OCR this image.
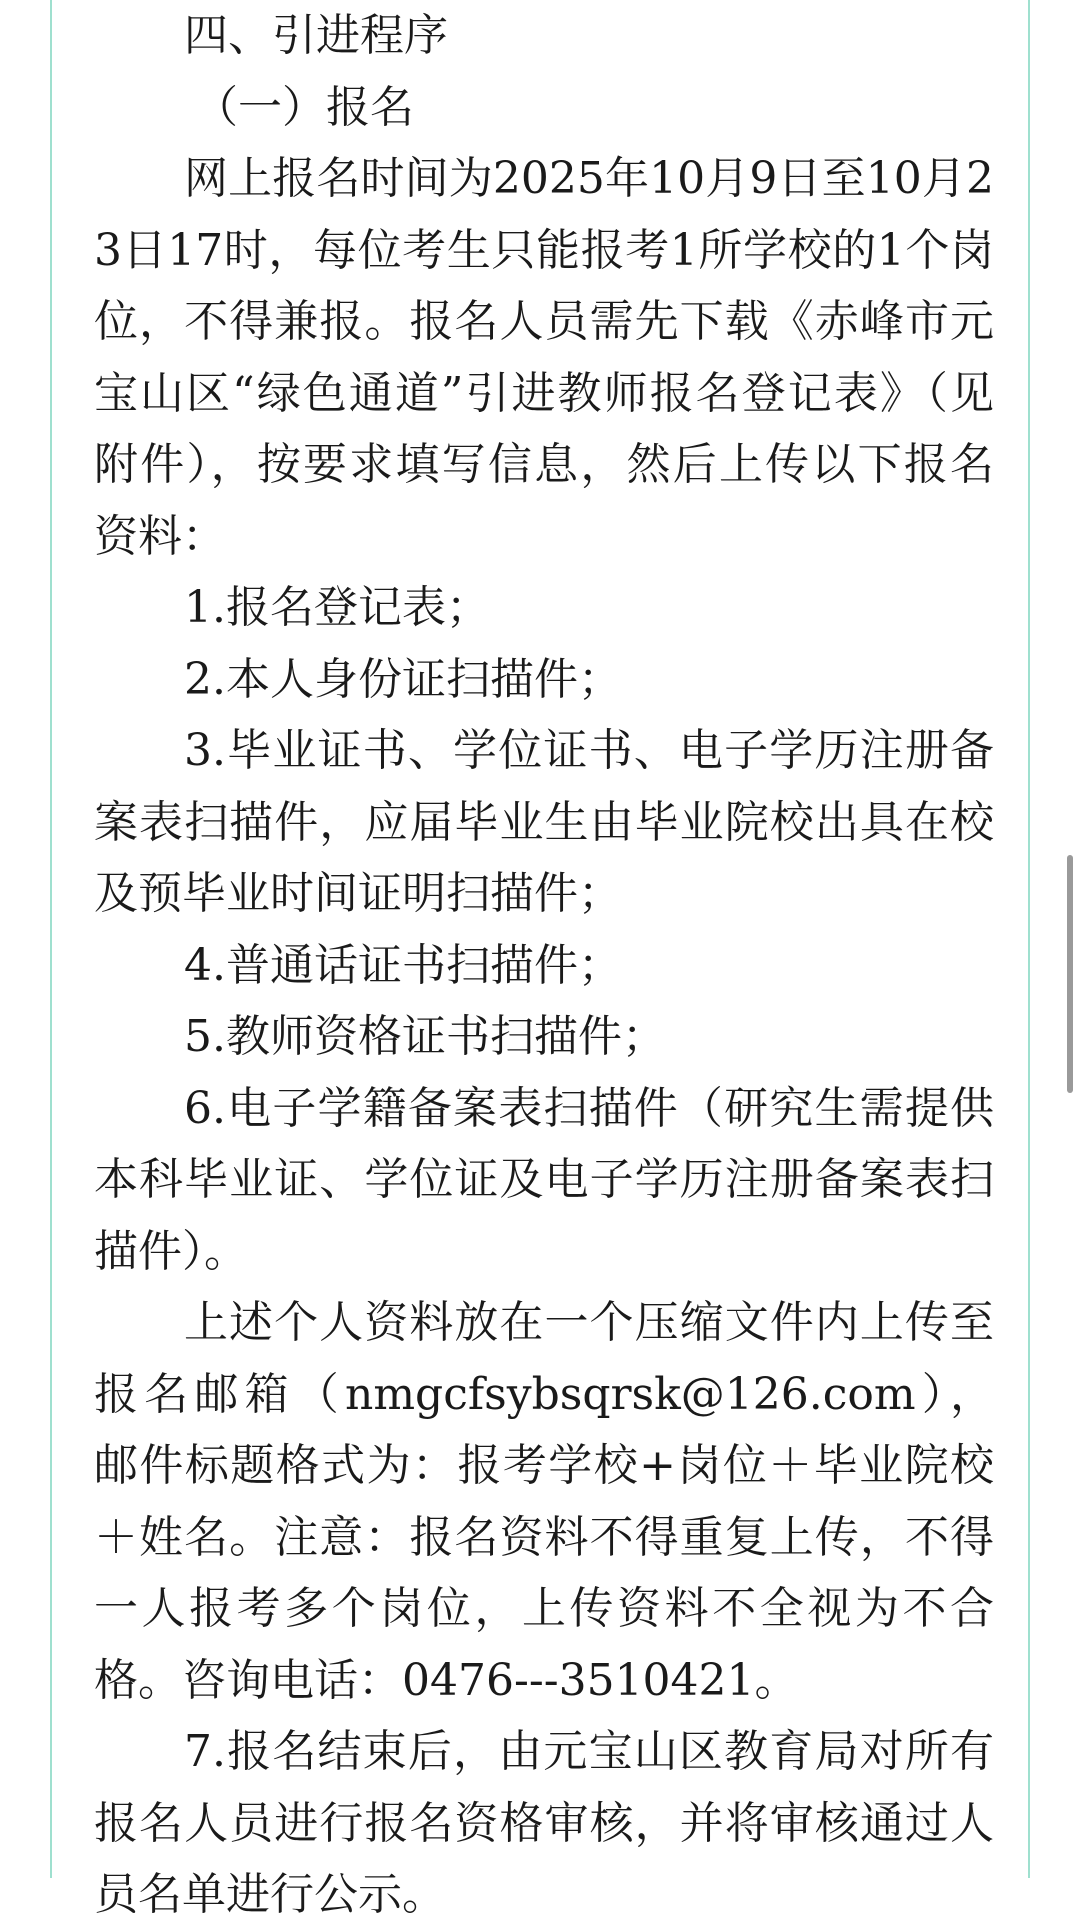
四、引进程序

（一）报名

网上报名时间为2025年10月9日至10月23日17时，每位考生只能报考1所学校的1个岗位，不得兼报。报名人员需先下载《赤峰市元宝山区“绿色通道”引进教师报名登记表》（见附件），按要求填写信息，然后上传以下报名资料：

1.报名登记表；

2.本人身份证扫描件；

3.毕业证书、学位证书、电子学历注册备案表扫描件，应届毕业生由毕业院校出具在校及预毕业时间证明扫描件；

4.普通话证书扫描件；

5.教师资格证书扫描件；

6.电子学籍备案表扫描件（研究生需提供本科毕业证、学位证及电子学历注册备案表扫描件）。

上述个人资料放在一个压缩文件内上传至报名邮箱（nmgcfsybsqrsk@126.com），邮件标题格式为：报考学校+岗位＋毕业院校＋姓名。注意：报名资料不得重复上传，不得一人报考多个岗位，上传资料不全视为不合格。咨询电话：0476---3510421。

7.报名结束后，由元宝山区教育局对所有报名人员进行报名资格审核，并将审核通过人员名单进行公示。
